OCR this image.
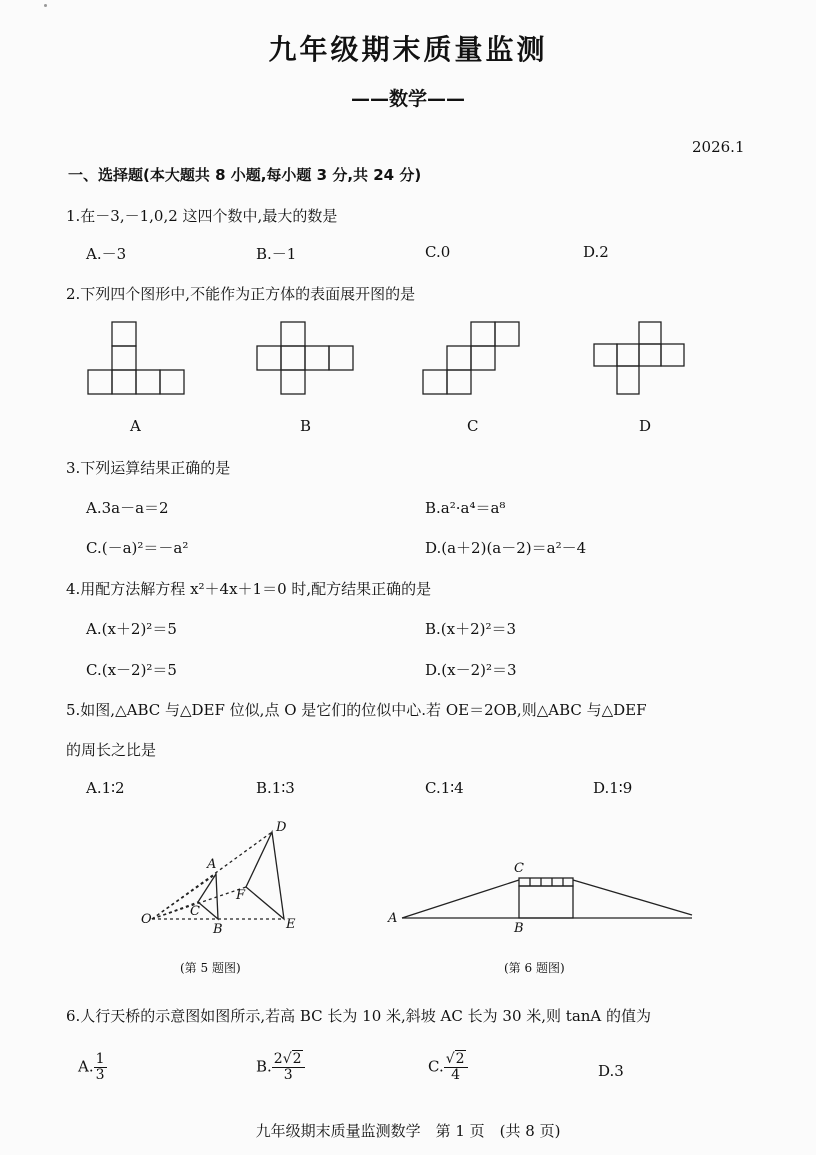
九年级期末质量监测
——数学——
2026.1
一、选择题(本大题共 8 小题,每小题 3 分,共 24 分)
1.在－3,－1,0,2 这四个数中,最大的数是
A.－3	B.－1	C.0	D.2
2.下列四个图形中,不能作为正方体的表面展开图的是
A	B	C	D
3.下列运算结果正确的是
A.3a－a＝2	B.a²·a⁴＝a⁸
C.(－a)²＝－a²	D.(a＋2)(a－2)＝a²－4
4.用配方法解方程 x²＋4x＋1＝0 时,配方结果正确的是
A.(x＋2)²＝5	B.(x＋2)²＝3
C.(x－2)²＝5	D.(x－2)²＝3
5.如图,△ABC 与△DEF 位似,点 O 是它们的位似中心.若 OE＝2OB,则△ABC 与△DEF
的周长之比是
A.1∶2	B.1∶3	C.1∶4	D.1∶9
O
A
C
B
D
F
E
(第 5 题图)
C
A
B
(第 6 题图)
6.人行天桥的示意图如图所示,若高 BC 长为 10 米,斜坡 AC 长为 30 米,则 tanA 的值为
A. $\frac{1}{3}$	B. $\frac{2√2}{3}$	C. $\frac{√2}{4}$	D.3
九年级期末质量监测数学　第 1 页　(共 8 页)
